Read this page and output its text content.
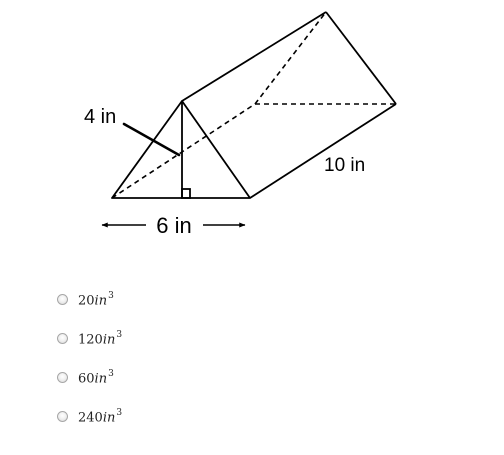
4 in
6 in
10 in
$20in^3$
$120in^3$
$60in^3$
$240in^3$
